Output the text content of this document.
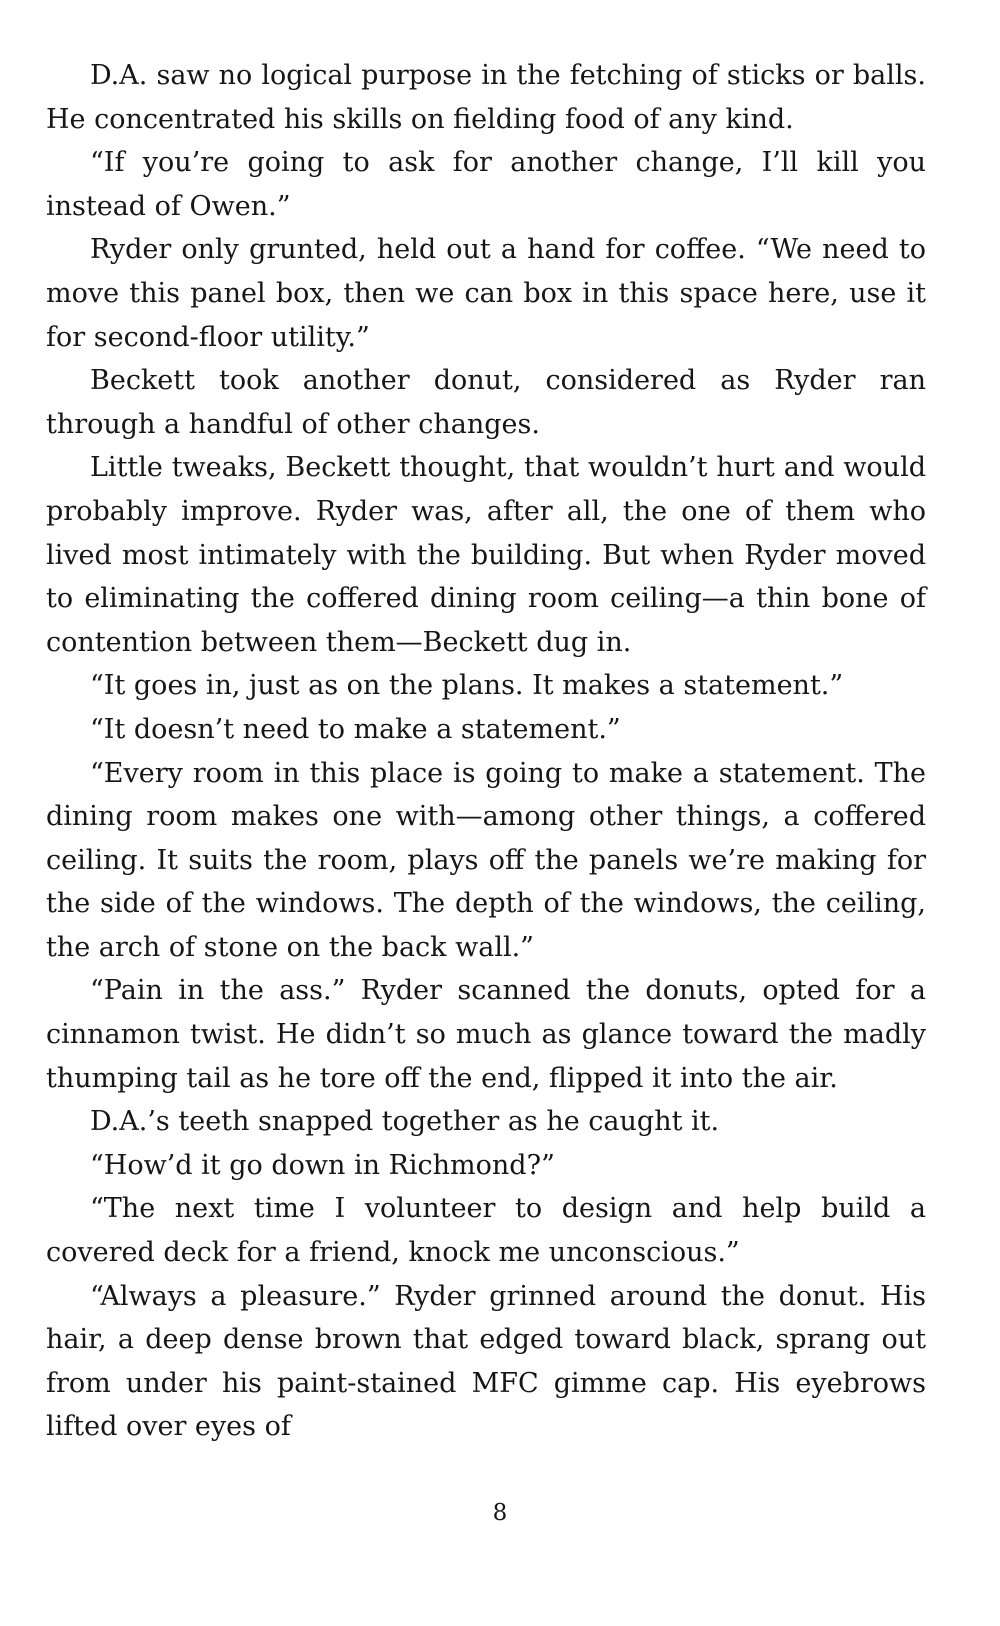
D.A. saw no logical purpose in the fetching of sticks or balls. He concentrated his skills on fielding food of any kind.

“If you’re going to ask for another change, I’ll kill you instead of Owen.”

Ryder only grunted, held out a hand for coffee. “We need to move this panel box, then we can box in this space here, use it for second-floor utility.”

Beckett took another donut, considered as Ryder ran through a handful of other changes.

Little tweaks, Beckett thought, that wouldn’t hurt and would probably improve. Ryder was, after all, the one of them who lived most intimately with the building. But when Ryder moved to eliminating the coffered dining room ceiling—a thin bone of contention between them—Beckett dug in.

“It goes in, just as on the plans. It makes a statement.”

“It doesn’t need to make a statement.”

“Every room in this place is going to make a statement. The dining room makes one with—among other things, a coffered ceiling. It suits the room, plays off the panels we’re making for the side of the windows. The depth of the windows, the ceiling, the arch of stone on the back wall.”

“Pain in the ass.” Ryder scanned the donuts, opted for a cinnamon twist. He didn’t so much as glance toward the madly thumping tail as he tore off the end, flipped it into the air.

D.A.’s teeth snapped together as he caught it.

“How’d it go down in Richmond?”

“The next time I volunteer to design and help build a covered deck for a friend, knock me unconscious.”

“Always a pleasure.” Ryder grinned around the donut. His hair, a deep dense brown that edged toward black, sprang out from under his paint-stained MFC gimme cap. His eyebrows lifted over eyes of

8
